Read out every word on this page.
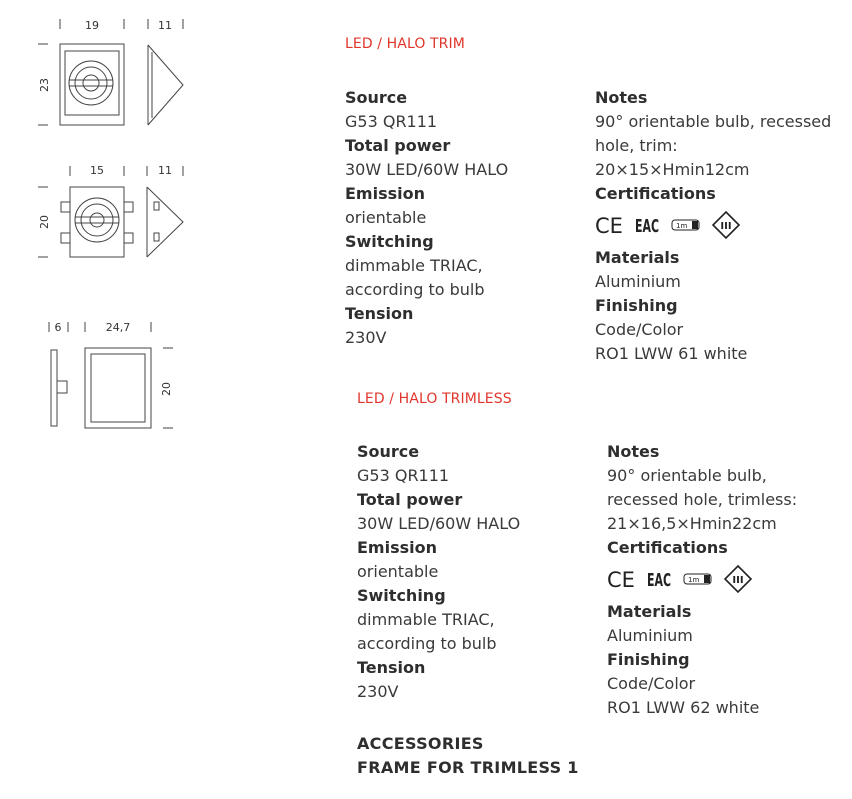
19	11
23
15	11
20
6	24,7
20
LED / HALO TRIM
Source
G53 QR111
Total power
30W LED/60W HALO
Emission
orientable
Switching
dimmable TRIAC, according to bulb
Tension
230V
Notes
90° orientable bulb, recessed hole, trim: 20×15×Hmin12cm
Certifications
CE EAC 1m	III
Materials
Aluminium
Finishing
Code/Color
RO1 LWW 61 white
LED / HALO TRIMLESS
Source
G53 QR111
Total power
30W LED/60W HALO
Emission
orientable
Switching
dimmable TRIAC, according to bulb
Tension
230V
Notes
90° orientable bulb, recessed hole, trimless: 21×16,5×Hmin22cm
Certifications
CE EAC 1m	III
Materials
Aluminium
Finishing
Code/Color
RO1 LWW 62 white
ACCESSORIES
FRAME FOR TRIMLESS 1
